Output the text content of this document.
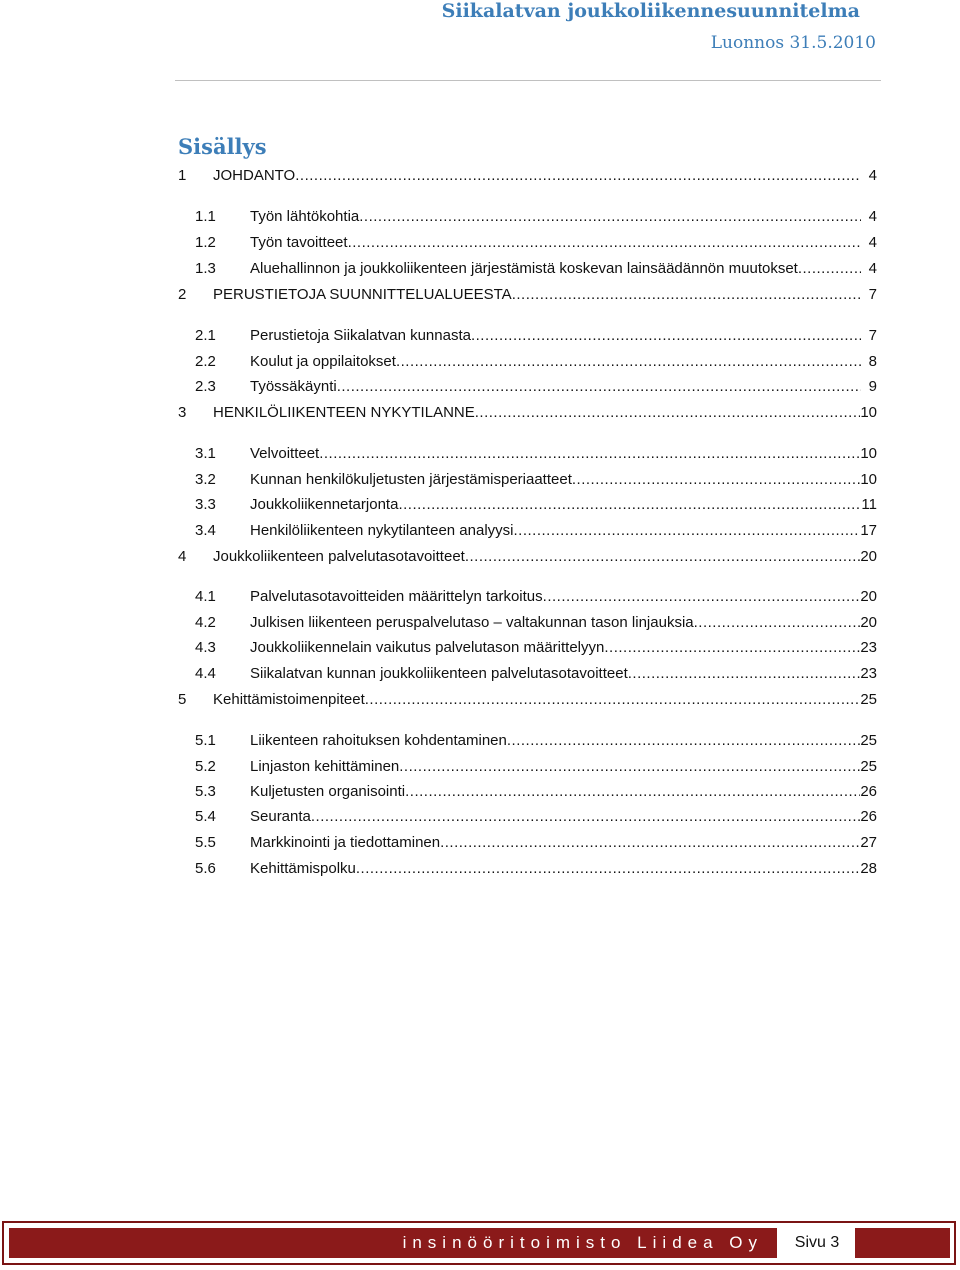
Siikalatvan joukkoliikennesuunnitelma
Luonnos 31.5.2010
Sisällys
1 JOHDANTO .....	4
1.1 Työn lähtökohtia .....	4
1.2 Työn tavoitteet .....	4
1.3 Aluehallinnon ja joukkoliikenteen järjestämistä koskevan lainsäädännön muutokset .....	4
2 PERUSTIETOJA SUUNNITTELUALUEESTA .....	7
2.1 Perustietoja Siikalatvan kunnasta .....	7
2.2 Koulut ja oppilaitokset .....	8
2.3 Työssäkäynti .....	9
3 HENKILÖLIIKENTEEN NYKYTILANNE .....	10
3.1 Velvoitteet .....	10
3.2 Kunnan henkilökuljetusten järjestämisperiaatteet .....	10
3.3 Joukkoliikennetarjonta .....	11
3.4 Henkilöliikenteen nykytilanteen analyysi .....	17
4 Joukkoliikenteen palvelutasotavoitteet .....	20
4.1 Palvelutasotavoitteiden määrittelyn tarkoitus .....	20
4.2 Julkisen liikenteen peruspalvelutaso – valtakunnan tason linjauksia .....	20
4.3 Joukkoliikennelain vaikutus palvelutason määrittelyyn .....	23
4.4 Siikalatvan kunnan joukkoliikenteen palvelutasotavoitteet .....	23
5 Kehittämistoimenpiteet .....	25
5.1 Liikenteen rahoituksen kohdentaminen .....	25
5.2 Linjaston kehittäminen .....	25
5.3 Kuljetusten organisointi .....	26
5.4 Seuranta .....	26
5.5 Markkinointi ja tiedottaminen .....	27
5.6 Kehittämispolku .....	28
insinööritoimisto Liidea Oy	Sivu 3
